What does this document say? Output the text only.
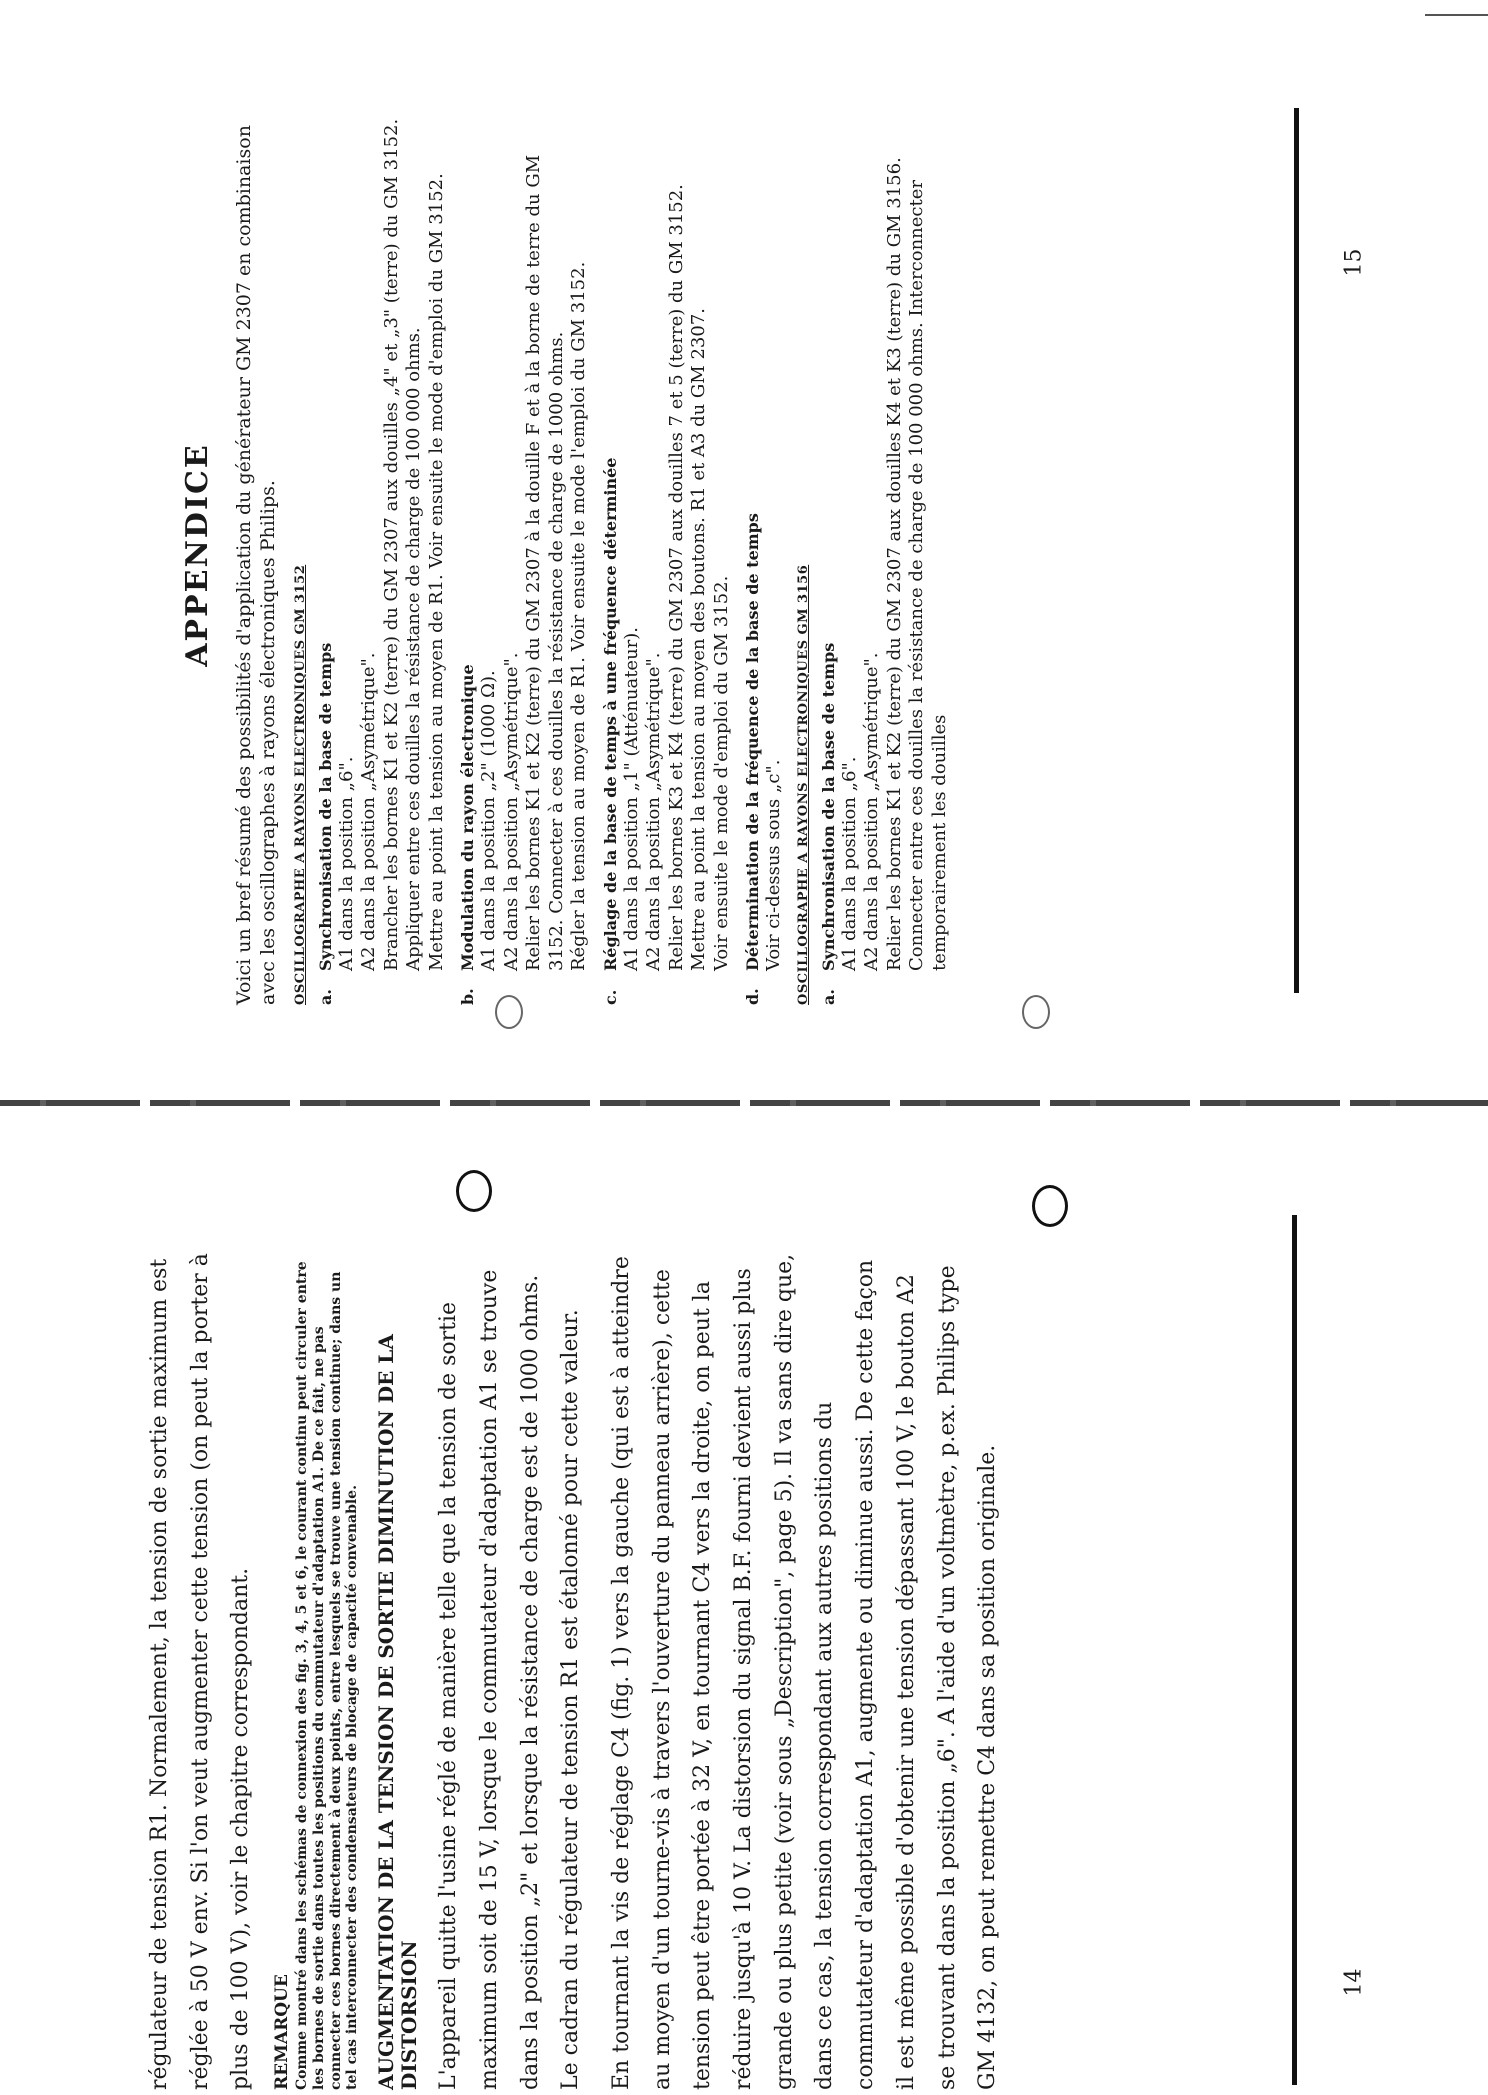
APPENDICE Voici un bref résumé des possibilités d'application du générateur GM 2307 en combinaison avec les oscillographes à rayons électroniques Philips. OSCILLOGRAPHE A RAYONS ELECTRONIQUES GM 3152 a.
Synchronisation de la base de temps A1 dans la position „6". A2 dans la position „Asymétrique". Brancher les bornes K1 et K2 (terre) du GM 2307 aux douilles „4" et „3" (terre) du GM 3152. Appliquer entre ces douilles la résistance de charge de 100 000 ohms. Mettre au point la tension au moyen de R1. Voir ensuite le mode d'emploi du GM 3152.
b.
Modulation du rayon électronique A1 dans la position „2" (1000 Ω). A2 dans la position „Asymétrique". Relier les bornes K1 et K2 (terre) du GM 2307 à la douille F et à la borne de terre du GM 3152. Connecter à ces douilles la résistance de charge de 1000 ohms. Régler la tension au moyen de R1. Voir ensuite le mode l'emploi du GM 3152.
c.
Réglage de la base de temps à une fréquence déterminée A1 dans la position „1" (Atténuateur). A2 dans la position „Asymétrique". Relier les bornes K3 et K4 (terre) du GM 2307 aux douilles 7 et 5 (terre) du GM 3152. Mettre au point la tension au moyen des boutons. R1 et A3 du GM 2307. Voir ensuite le mode d'emploi du GM 3152.
d.
Détermination de la fréquence de la base de temps Voir ci-dessus sous „c". OSCILLOGRAPHE A RAYONS ELECTRONIQUES GM 3156 a.
Synchronisation de la base de temps A1 dans la position „6". A2 dans la position „Asymétrique". Relier les bornes K1 et K2 (terre) du GM 2307 aux douilles K4 et K3 (terre) du GM 3156. Connecter entre ces douilles la résistance de charge de 100 000 ohms. Interconnecter temporairement les douilles

régulateur de tension R1. Normalement, la tension de sortie maximum est réglée à 50 V env. Si l'on veut augmenter cette tension (on peut la porter à plus de 100 V), voir le chapitre correspondant.	REMARQUE Comme montré dans les schémas de connexion des fig. 3, 4, 5 et 6, le courant continu peut circuler entre les bornes de sortie dans toutes les positions du commutateur d'adaptation A1. De ce fait, ne pas connecter ces bornes directement à deux points, entre lesquels se trouve une tension continue; dans un tel cas interconnecter des condensateurs de blocage de capacité convenable. AUGMENTATION DE LA TENSION DE SORTIE DIMINUTION DE LA DISTORSION L'appareil quitte l'usine réglé de manière telle que la tension de sortie maximum soit de 15 V, lorsque le commutateur d'adaptation A1 se trouve dans la position „2" et lorsque la résistance de charge est de 1000 ohms. Le cadran du régulateur de tension R1 est étalonné pour cette valeur.	En tournant la vis de réglage C4 (fig. 1) vers la gauche (qui est à atteindre au moyen d'un tourne-vis à travers l'ouverture du panneau arrière), cette tension peut être portée à 32 V, en tournant C4 vers la droite, on peut la réduire jusqu'à 10 V. La distorsion du signal B.F. fourni devient aussi plus grande ou plus petite (voir sous „Description", page 5). Il va sans dire que, dans ce cas, la tension correspondant aux autres positions du commutateur d'adaptation A1, augmente ou diminue aussi. De cette façon il est même possible d'obtenir une tension dépassant 100 V, le bouton A2 se trouvant dans la position „6". A l'aide d'un voltmètre, p.ex. Philips type GM 4132, on peut remettre C4 dans sa position originale.

15
14
